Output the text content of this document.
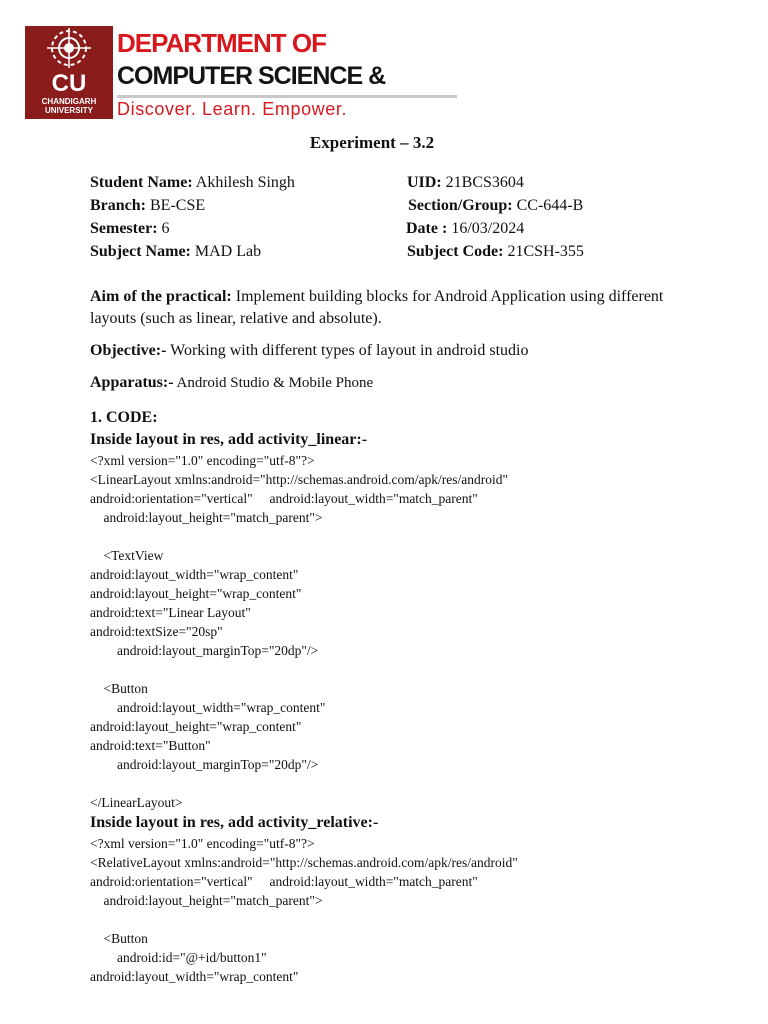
CU
CHANDIGARH UNIVERSITY
DEPARTMENT OF
COMPUTER SCIENCE &
Discover. Learn. Empower.
Experiment – 3.2
Student Name: Akhilesh Singh	UID: 21BCS3604
Branch: BE-CSE	Section/Group: CC-644-B
Semester: 6	Date : 16/03/2024
Subject Name: MAD Lab	Subject Code: 21CSH-355
Aim of the practical: Implement building blocks for Android Application using different layouts (such as linear, relative and absolute).
Objective:- Working with different types of layout in android studio
Apparatus:- Android Studio & Mobile Phone
1. CODE:
Inside layout in res, add activity_linear:-
<?xml version="1.0" encoding="utf-8"?>
<LinearLayout xmlns:android="http://schemas.android.com/apk/res/android"
android:orientation="vertical"     android:layout_width="match_parent"
android:layout_height="match_parent">
<TextView
android:layout_width="wrap_content"
android:layout_height="wrap_content"
android:text="Linear Layout"
android:textSize="20sp"
android:layout_marginTop="20dp"/>
<Button
android:layout_width="wrap_content"
android:layout_height="wrap_content"
android:text="Button"
android:layout_marginTop="20dp"/>
</LinearLayout>
Inside layout in res, add activity_relative:-
<?xml version="1.0" encoding="utf-8"?>
<RelativeLayout xmlns:android="http://schemas.android.com/apk/res/android"
android:orientation="vertical"     android:layout_width="match_parent"
android:layout_height="match_parent">
<Button
android:id="@+id/button1"
android:layout_width="wrap_content"
